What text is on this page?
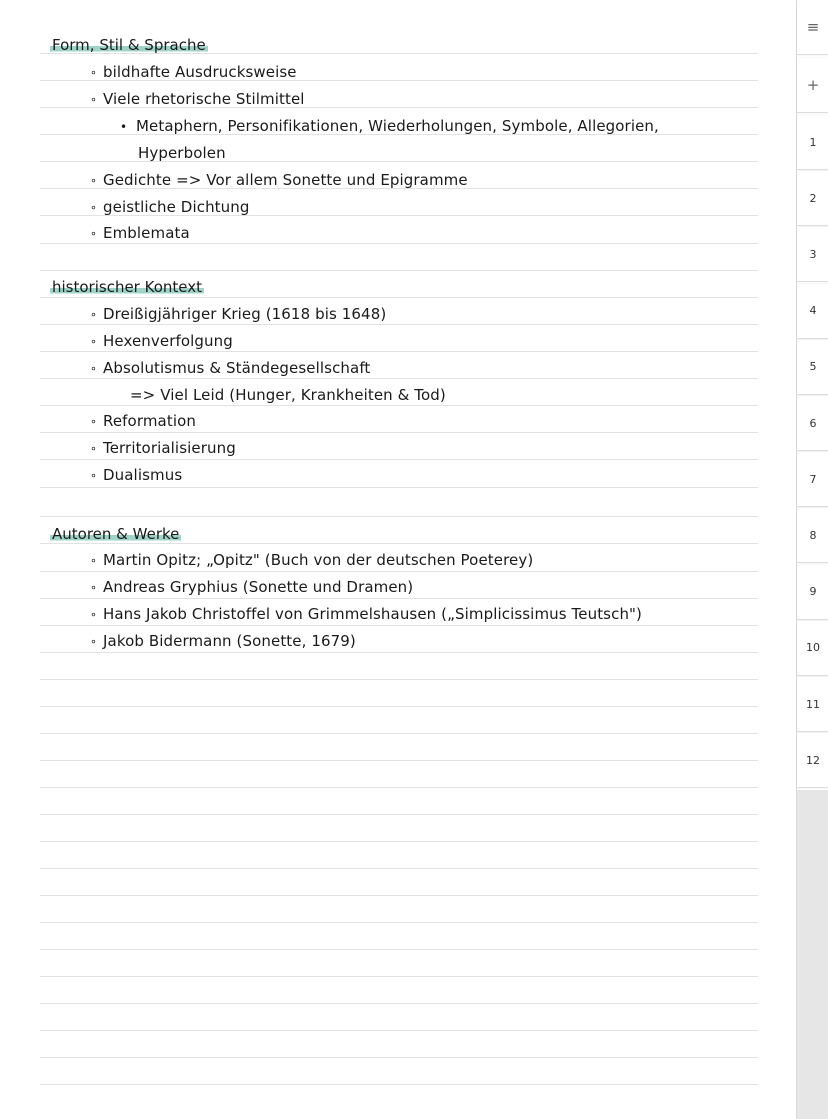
Form, Stil & Sprache
∘ bildhafte Ausdrucksweise
∘ Viele rhetorische Stilmittel
• Metaphern, Personifikationen, Wiederholungen, Symbole, Allegorien,
Hyperbolen
∘ Gedichte => Vor allem Sonette und Epigramme
∘ geistliche Dichtung
∘ Emblemata
historischer Kontext
∘ Dreißigjähriger Krieg (1618 bis 1648)
∘ Hexenverfolgung
∘ Absolutismus & Ständegesellschaft
=> Viel Leid (Hunger, Krankheiten & Tod)
∘ Reformation
∘ Territorialisierung
∘ Dualismus
Autoren & Werke
∘ Martin Opitz; „Opitz" (Buch von der deutschen Poeterey)
∘ Andreas Gryphius (Sonette und Dramen)
∘ Hans Jakob Christoffel von Grimmelshausen („Simplicissimus Teutsch")
∘ Jakob Bidermann (Sonette, 1679)
≡
+
1
2
3
4
5
6
7
8
9
10
11
12
